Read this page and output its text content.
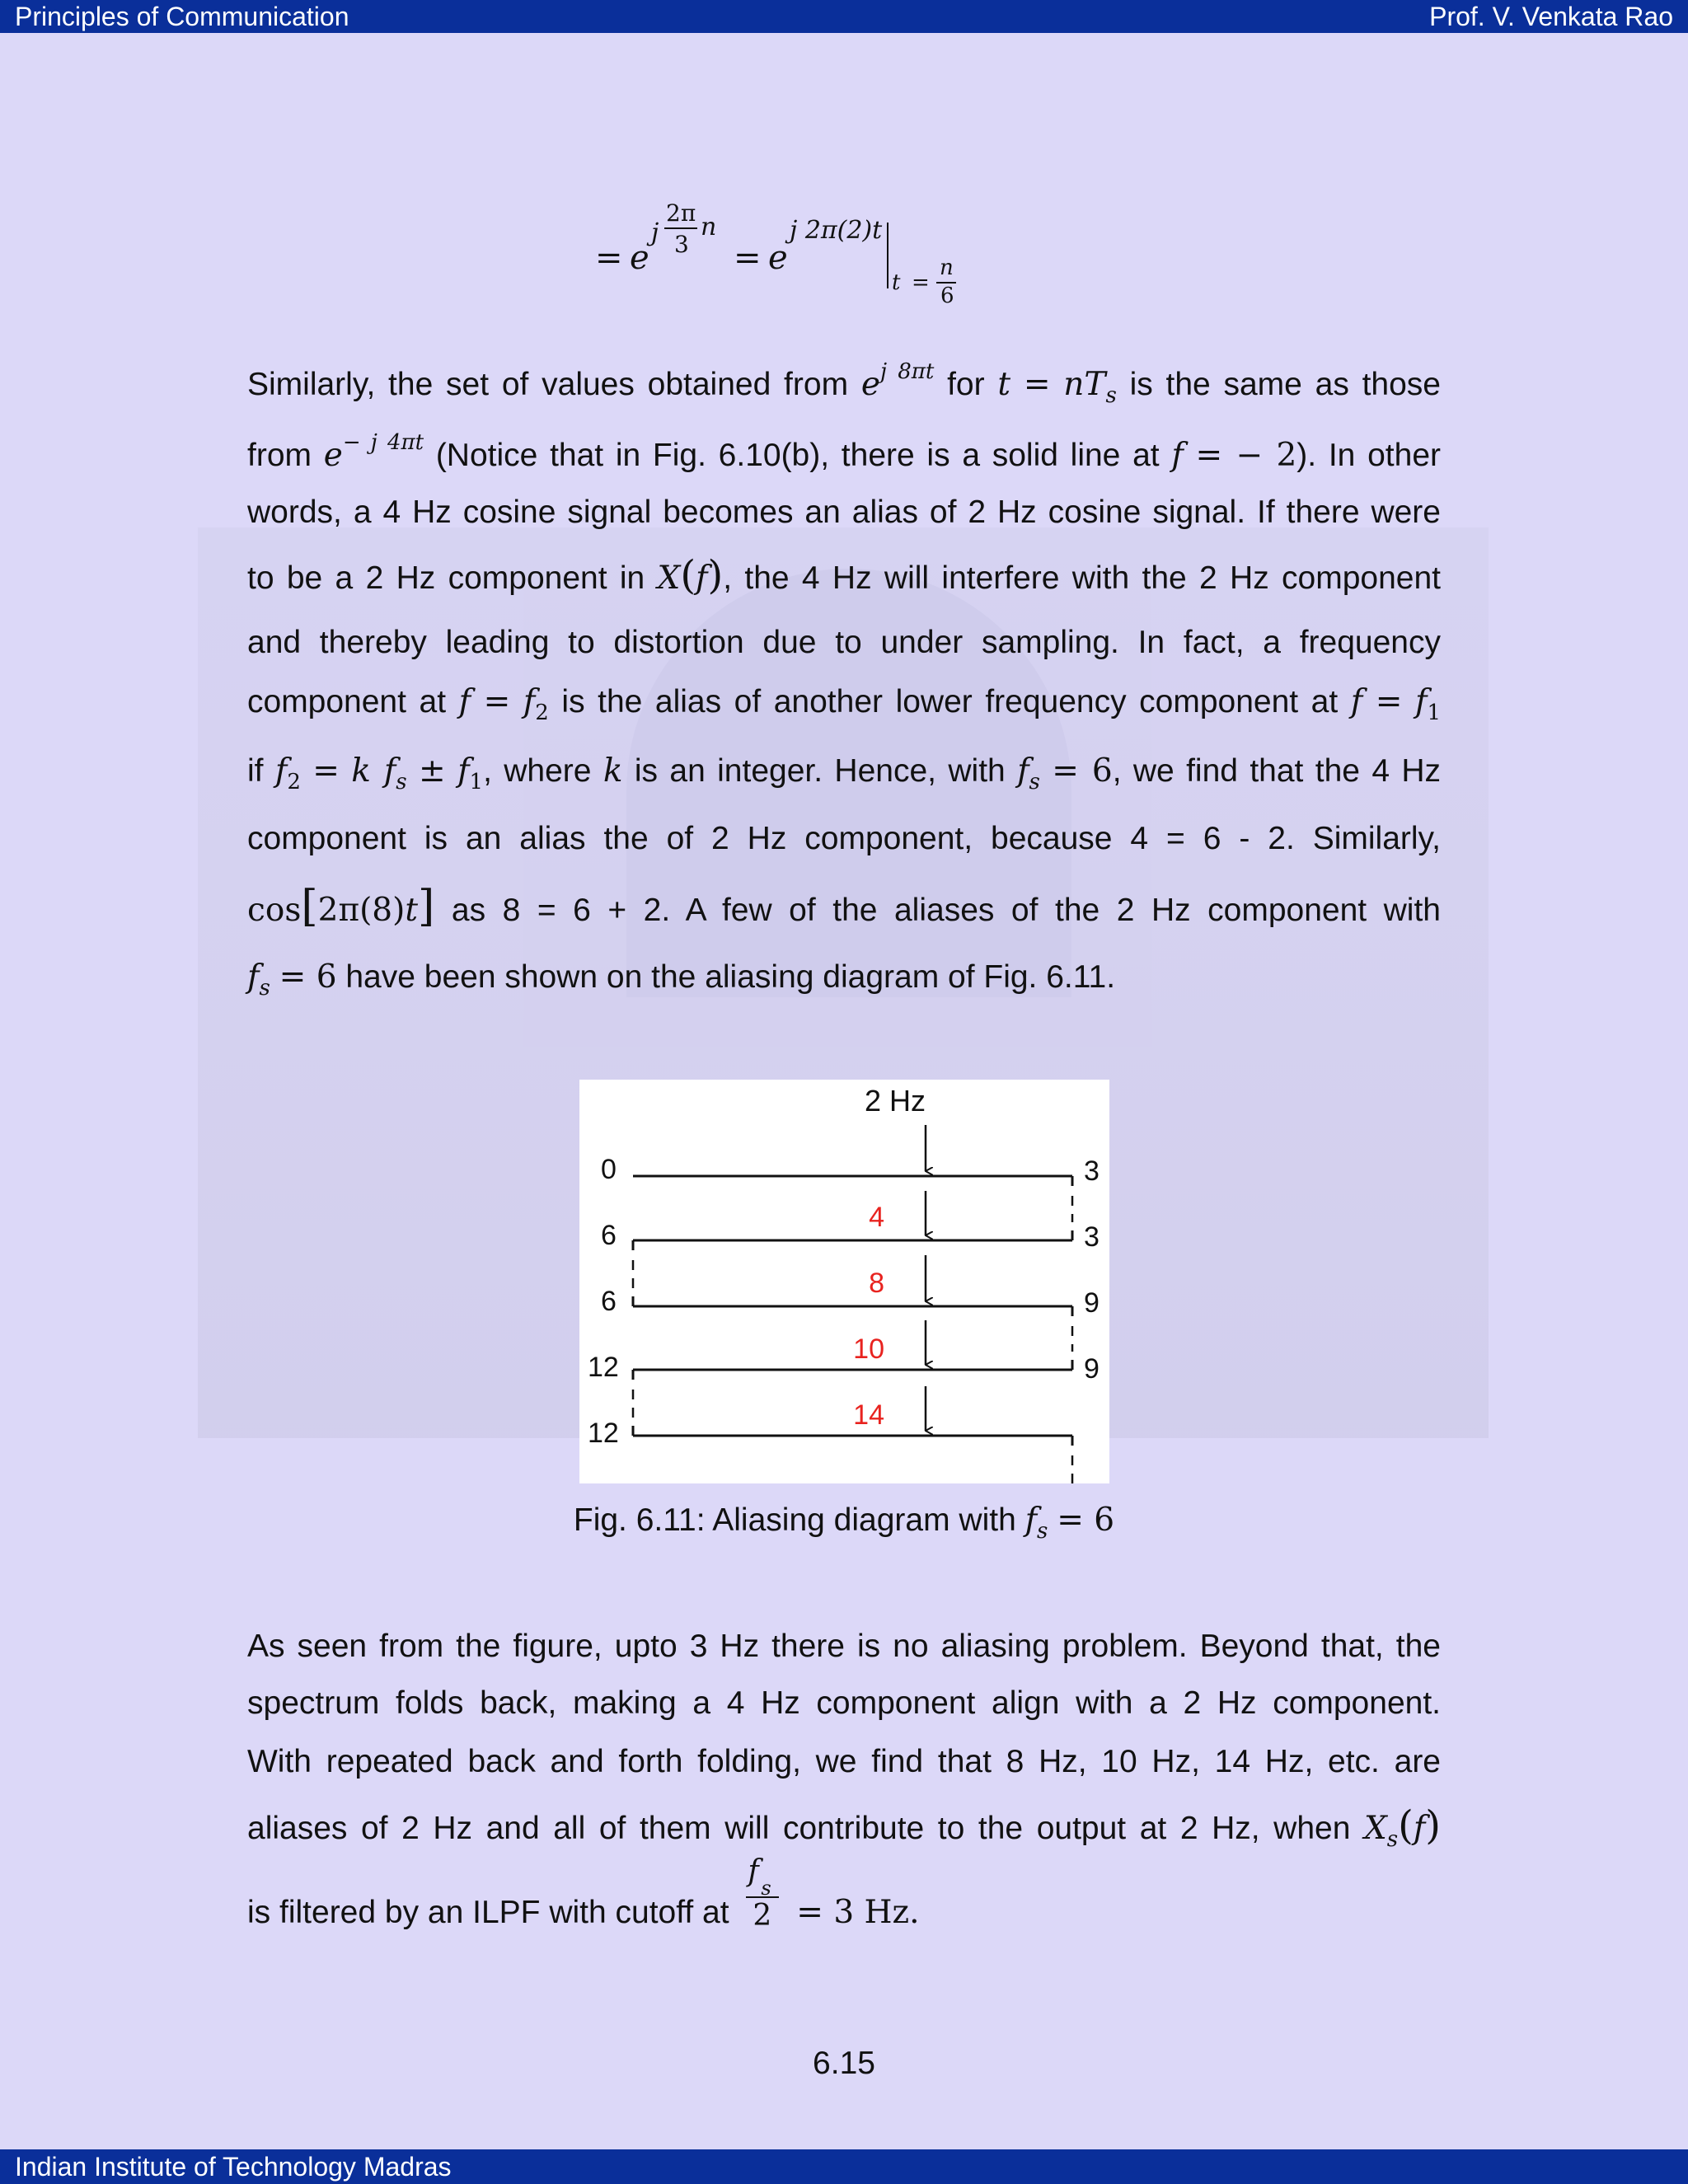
Principles of Communication	Prof. V. Venkata Rao
Indian Institute of Technology Madras
= e
j
2π
3
n
= e
j 2π(2)t
t =
n
6
Similarly, the set of values obtained from $e^{j 8\pi t}$ for $t = nT_s$ is the same as those
from $e^{- j 4\pi t}$ (Notice that in Fig. 6.10(b), there is a solid line at f = − 2). In other
words, a 4 Hz cosine signal becomes an alias of 2 Hz cosine signal. If there were
to be a 2 Hz component in X(f), the 4 Hz will interfere with the 2 Hz component
and thereby leading to distortion due to under sampling. In fact, a frequency
component at $f = f_2$ is the alias of another lower frequency component at $f = f_1$
if $f_2 = k$ $f_s \pm f_1$, where k is an integer. Hence, with $f_s = 6$, we find that the 4 Hz
component is an alias the of 2 Hz component, because 4 = 6 - 2. Similarly,
cos[2π(8)t] as 8 = 6 + 2. A few of the aliases of the 2 Hz component with
$f_s = 6$ have been shown on the aliasing diagram of Fig. 6.11.
2 Hz
0
6
6
12
12
3
3
9
9
4
8
10
14
Fig. 6.11: Aliasing diagram with $f_s = 6$
As seen from the figure, upto 3 Hz there is no aliasing problem. Beyond that, the
spectrum folds back, making a 4 Hz component align with a 2 Hz component.
With repeated back and forth folding, we find that 8 Hz, 10 Hz, 14 Hz, etc. are
aliases of 2 Hz and all of them will contribute to the output at 2 Hz, when $X_s(f)$
is filtered by an ILPF with cutoff at
f s
2 = 3 Hz.
6.15
